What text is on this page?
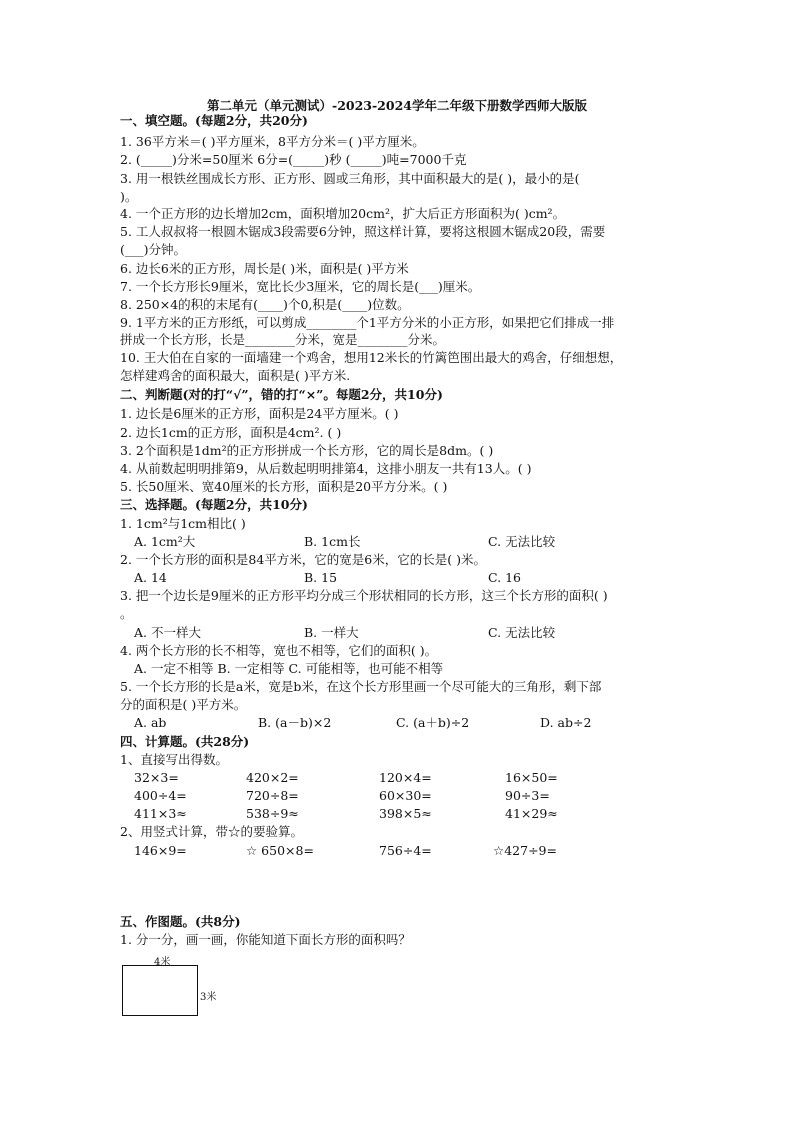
第二单元（单元测试）-2023-2024学年二年级下册数学西师大版版
一、填空题。(每题2分，共20分)
1. 36平方米＝( )平方厘米，8平方分米＝( )平方厘米。
2. (_____)分米=50厘米 6分=(_____)秒 (_____)吨=7000千克
3. 用一根铁丝围成长方形、正方形、圆或三角形，其中面积最大的是( )，最小的是(
)。
4. 一个正方形的边长增加2cm，面积增加20cm²，扩大后正方形面积为( )cm²。
5. 工人叔叔将一根圆木锯成3段需要6分钟，照这样计算，要将这根圆木锯成20段，需要
(___)分钟。
6. 边长6米的正方形，周长是( )米，面积是( )平方米
7. 一个长方形长9厘米，宽比长少3厘米，它的周长是(___)厘米。
8. 250×4的积的末尾有(____)个0,积是(____)位数。
9. 1平方米的正方形纸，可以剪成________个1平方分米的小正方形，如果把它们排成一排
拼成一个长方形，长是________分米，宽是________分米。
10. 王大伯在自家的一面墙建一个鸡舍，想用12米长的竹篱笆围出最大的鸡舍，仔细想想，
怎样建鸡舍的面积最大，面积是( )平方米.
二、判断题(对的打“√”，错的打“×”。每题2分，共10分)
1. 边长是6厘米的正方形，面积是24平方厘米。( )
2. 边长1cm的正方形，面积是4cm². ( )
3. 2个面积是1dm²的正方形拼成一个长方形，它的周长是8dm。( )
4. 从前数起明明排第9，从后数起明明排第4，这排小朋友一共有13人。( )
5. 长50厘米、宽40厘米的长方形，面积是20平方分米。( )
三、选择题。(每题2分，共10分)
1. 1cm²与1cm相比( )
A. 1cm²大	B. 1cm长	C. 无法比较
2. 一个长方形的面积是84平方米，它的宽是6米，它的长是( )米。
A. 14	B. 15	C. 16
3. 把一个边长是9厘米的正方形平均分成三个形状相同的长方形，这三个长方形的面积( )
。
A. 不一样大	B. 一样大	C. 无法比较
4. 两个长方形的长不相等，宽也不相等，它们的面积( )。
A. 一定不相等 B. 一定相等 C. 可能相等，也可能不相等
5. 一个长方形的长是a米，宽是b米，在这个长方形里画一个尽可能大的三角形，剩下部
分的面积是( )平方米。
A. ab	B. (a－b)×2	C. (a＋b)÷2	D. ab÷2
四、计算题。(共28分)
1、直接写出得数。
32×3=	420×2=	120×4=	16×50=
400÷4=	720÷8=	60×30=	90÷3=
411×3≈	538÷9≈	398×5≈	41×29≈
2、用竖式计算，带☆的要验算。
146×9=	☆ 650×8=	756÷4=	☆427÷9=
五、作图题。(共8分)
1. 分一分，画一画，你能知道下面长方形的面积吗？
4米
3米
